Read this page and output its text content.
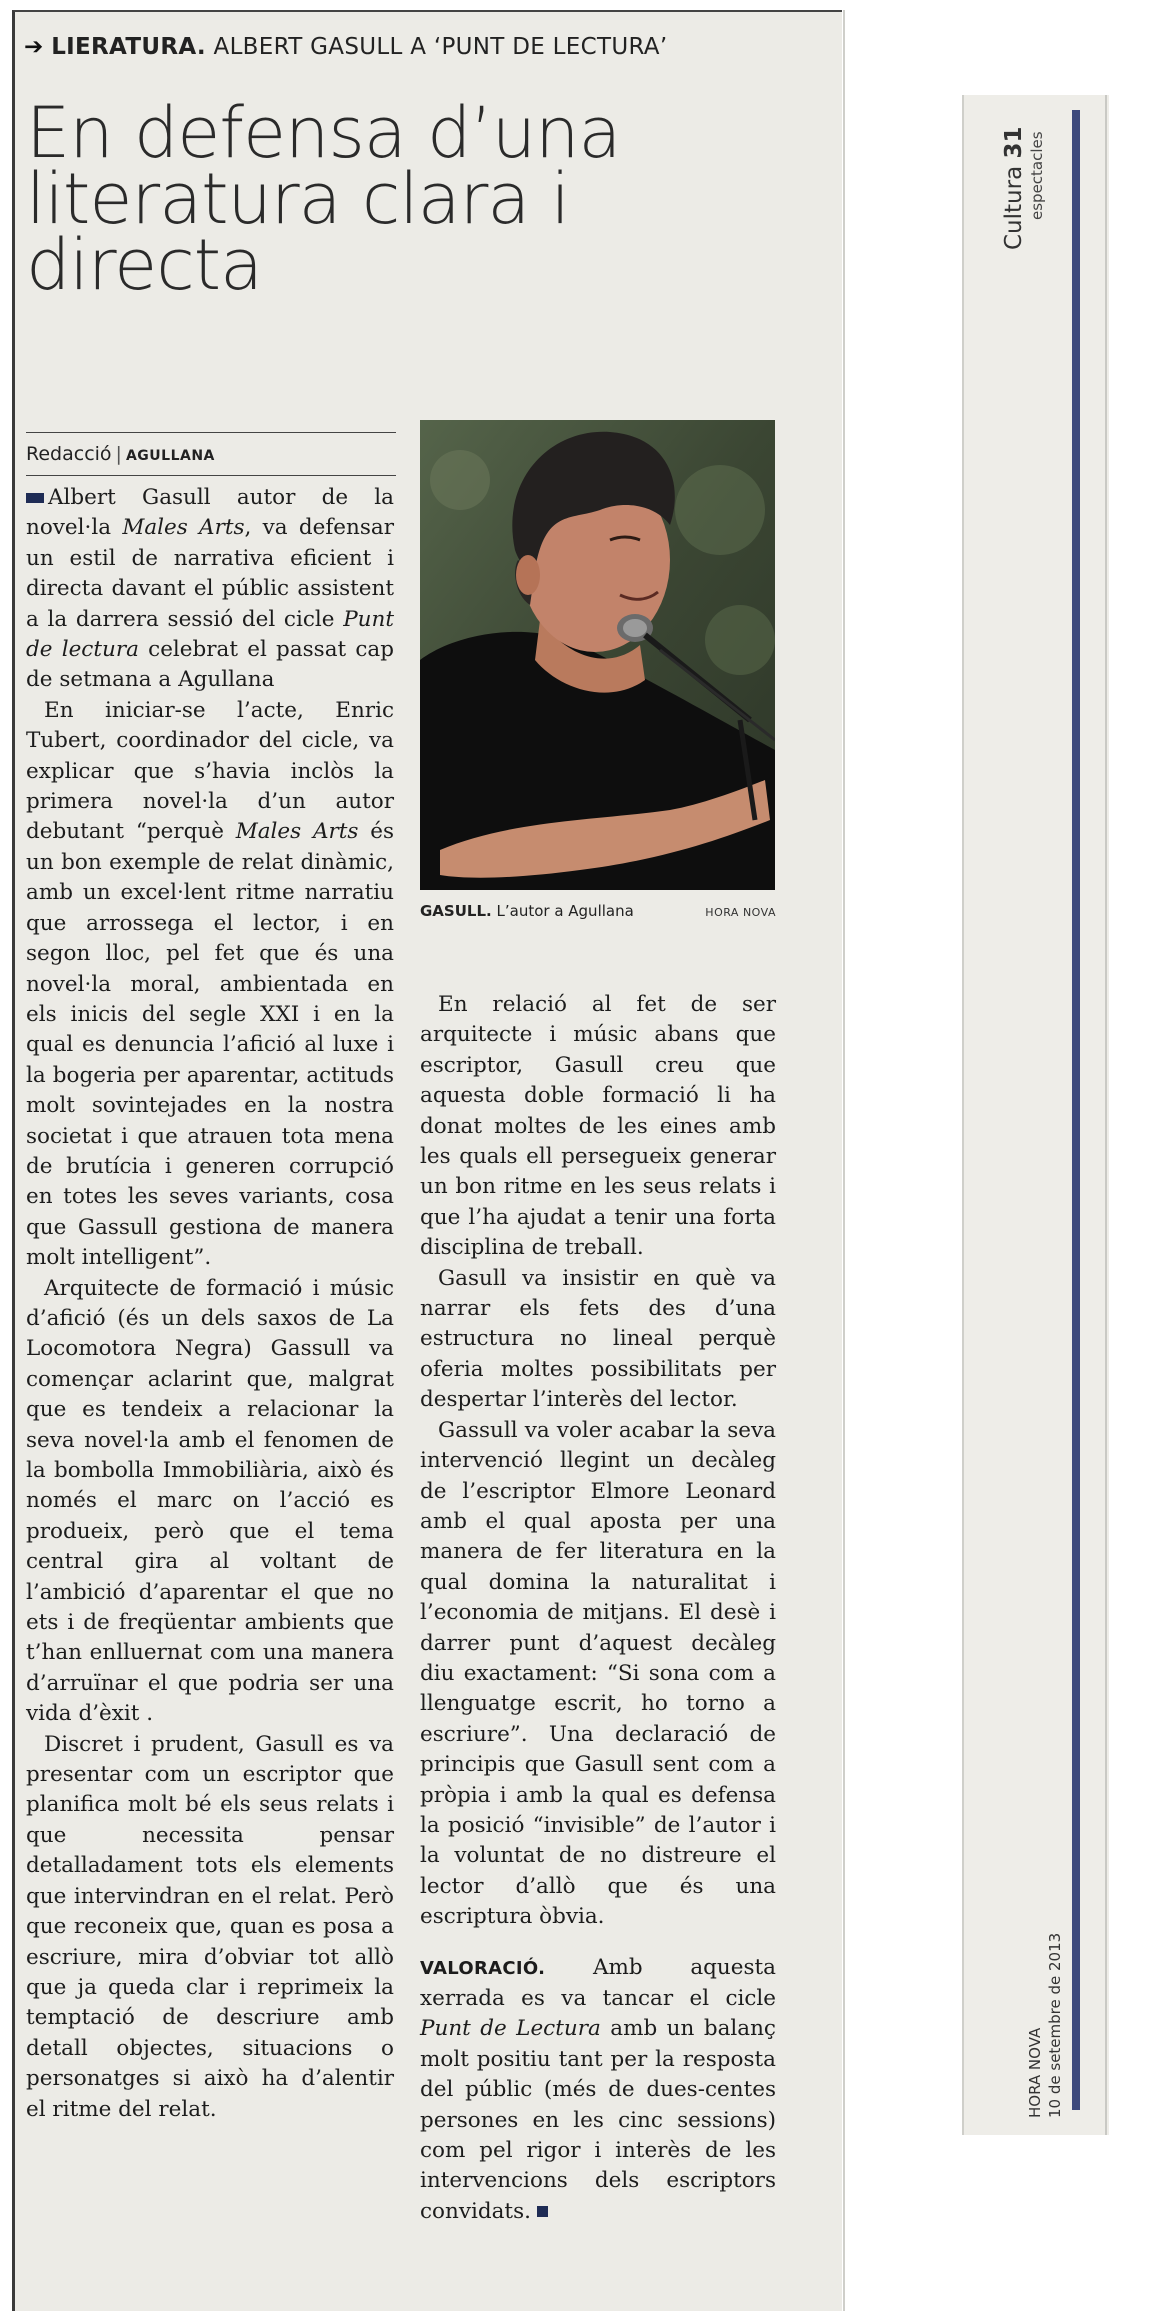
➔ LIERATURA. ALBERT GASULL A ‘PUNT DE LECTURA’
En defensa d’una literatura clara i directa
Redacció | AGULLANA
GASULL. L’autor a Agullana	HORA NOVA

Albert Gasull autor de la novel·la Males Arts, va defensar un estil de narrativa eficient i directa davant el públic assistent a la darrera sessió del cicle Punt de lectura celebrat el passat cap de setmana a Agullana

En iniciar-se l’acte, Enric Tubert, coordinador del cicle, va explicar que s’havia inclòs la primera novel·la d’un autor debutant “perquè Males Arts és un bon exemple de relat dinàmic, amb un excel·lent ritme narratiu que arrossega el lector, i en segon lloc, pel fet que és una novel·la moral, ambientada en els inicis del segle XXI i en la qual es denuncia l’afició al luxe i la bogeria per aparentar, actituds molt sovintejades en la nostra societat i que atrauen tota mena de brutícia i generen corrupció en totes les seves variants, cosa que Gassull gestiona de manera molt intelligent”.

Arquitecte de formació i músic d’afició (és un dels saxos de La Locomotora Negra) Gassull va començar aclarint que, malgrat que es tendeix a relacionar la seva novel·la amb el fenomen de la bombolla Immobiliària, això és només el marc on l’acció es produeix, però que el tema central gira al voltant de l’ambició d’aparentar el que no ets i de freqüentar ambients que t’han enlluernat com una manera d’arruïnar el que podria ser una vida d’èxit .

Discret i prudent, Gasull es va presentar com un escriptor que planifica molt bé els seus relats i que necessita pensar detalladament tots els elements que intervindran en el relat. Però que reconeix que, quan es posa a escriure, mira d’obviar tot allò que ja queda clar i reprimeix la temptació de descriure amb detall objectes, situacions o personatges si això ha d’alentir el ritme del relat.

En relació al fet de ser arquitecte i músic abans que escriptor, Gasull creu que aquesta doble formació li ha donat moltes de les eines amb les quals ell persegueix generar un bon ritme en les seus relats i que l’ha ajudat a tenir una forta disciplina de treball.

Gasull va insistir en què va narrar els fets des d’una estructura no lineal perquè oferia moltes possibilitats per despertar l’interès del lector.

Gassull va voler acabar la seva intervenció llegint un decàleg de l’escriptor Elmore Leonard amb el qual aposta per una manera de fer literatura en la qual domina la naturalitat i l’economia de mitjans. El desè i darrer punt d’aquest decàleg diu exactament: “Si sona com a llenguatge escrit, ho torno a escriure”. Una declaració de principis que Gasull sent com a pròpia i amb la qual es defensa la posició “invisible” de l’autor i la voluntat de no distreure el lector d’allò que és una escriptura òbvia.

VALORACIÓ. Amb aquesta xerrada es va tancar el cicle Punt de Lectura amb un balanç molt positiu tant per la resposta del públic (més de dues-centes persones en les cinc sessions) com pel rigor i interès de les intervencions dels escriptors convidats.

Cultura 31 espectacles
HORA NOVA 10 de setembre de 2013
